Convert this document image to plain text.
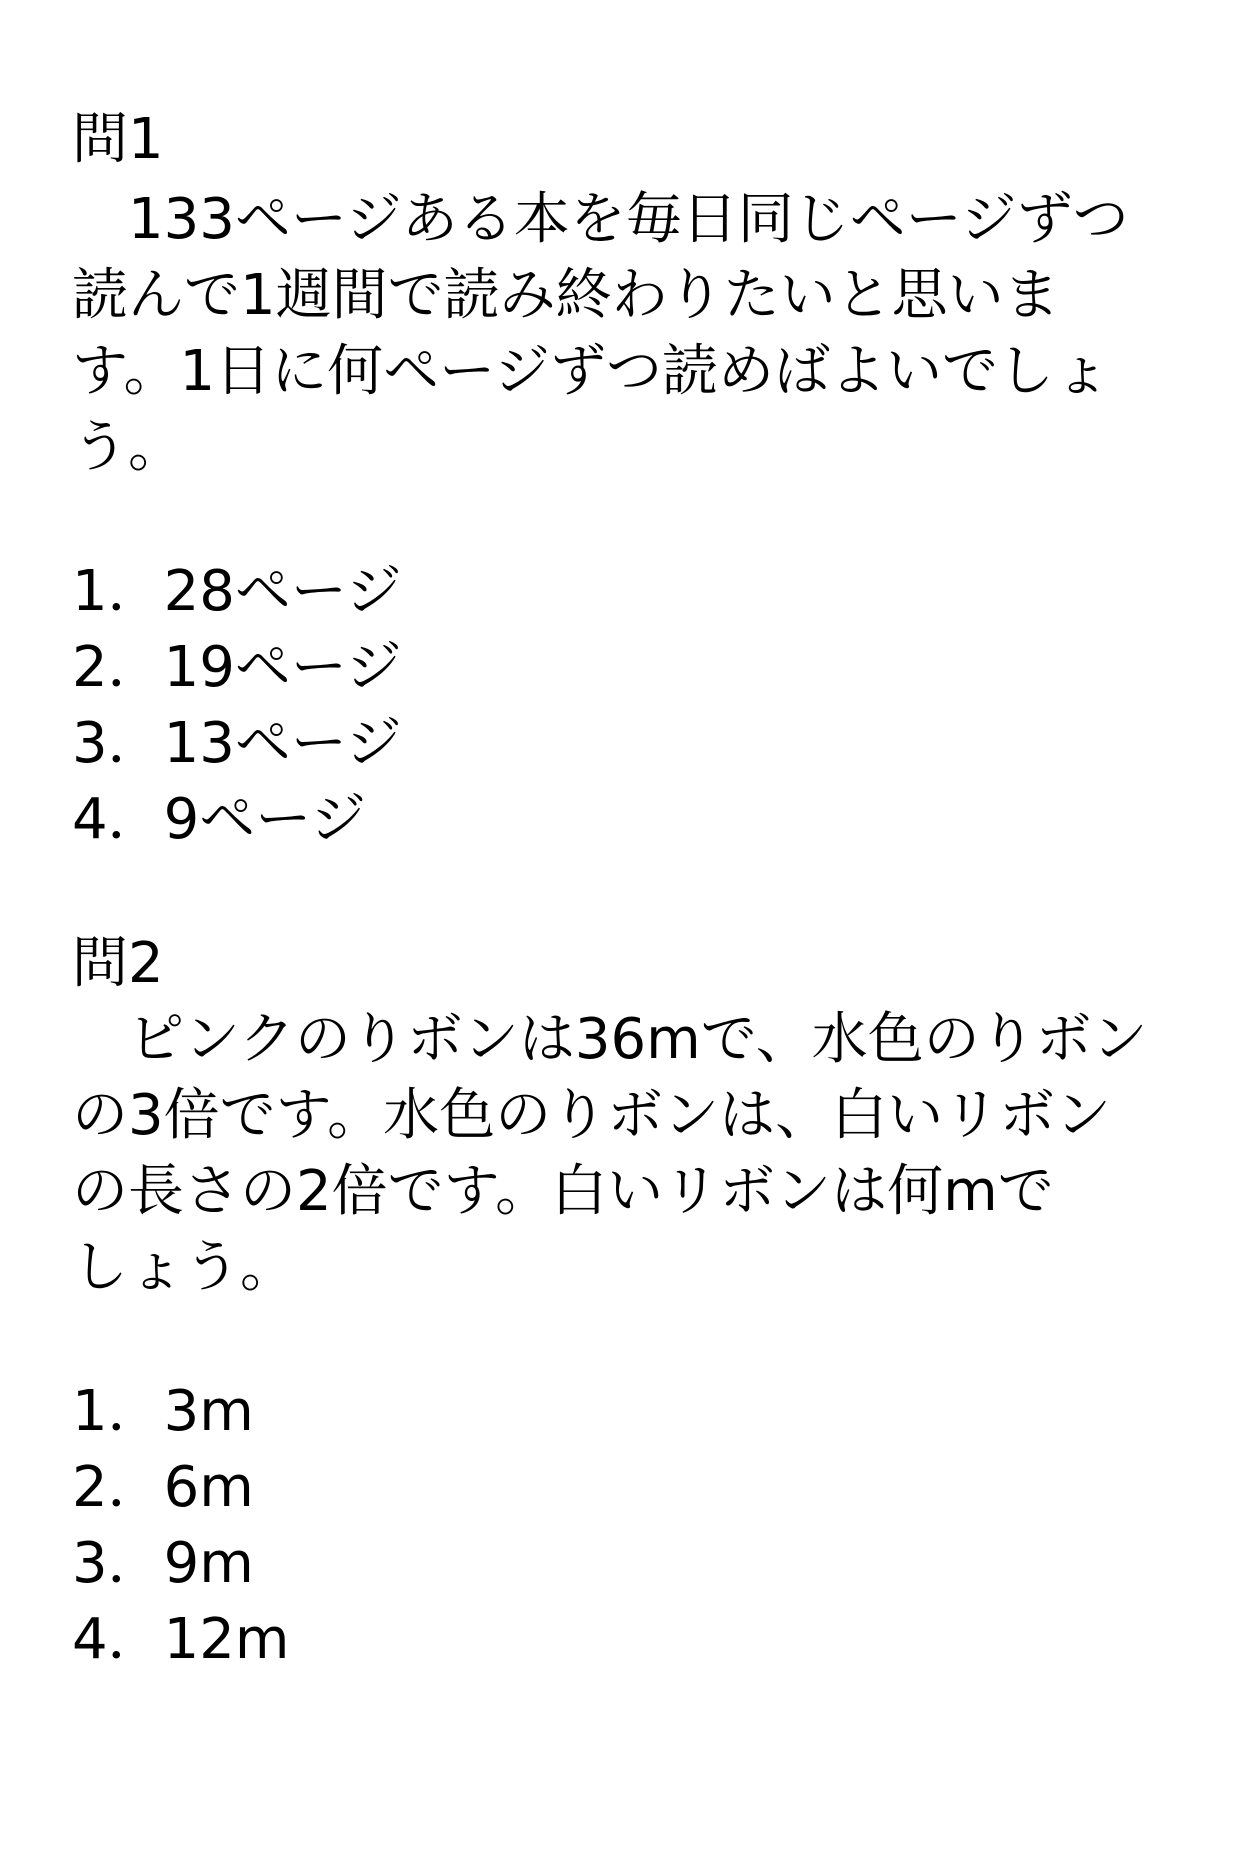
問1
　133ページある本を毎日同じページずつ
読んで1週間で読み終わりたいと思いま
す。1日に何ページずつ読めばよいでしょ
う。
1．28ページ
2．19ページ
3．13ページ
4．9ページ
問2
　ピンクのりボンは36mで、水色のりボン
の3倍です。水色のりボンは、白いリボン
の長さの2倍です。白いリボンは何mで
しょう。
1．3m
2．6m
3．9m
4．12m
